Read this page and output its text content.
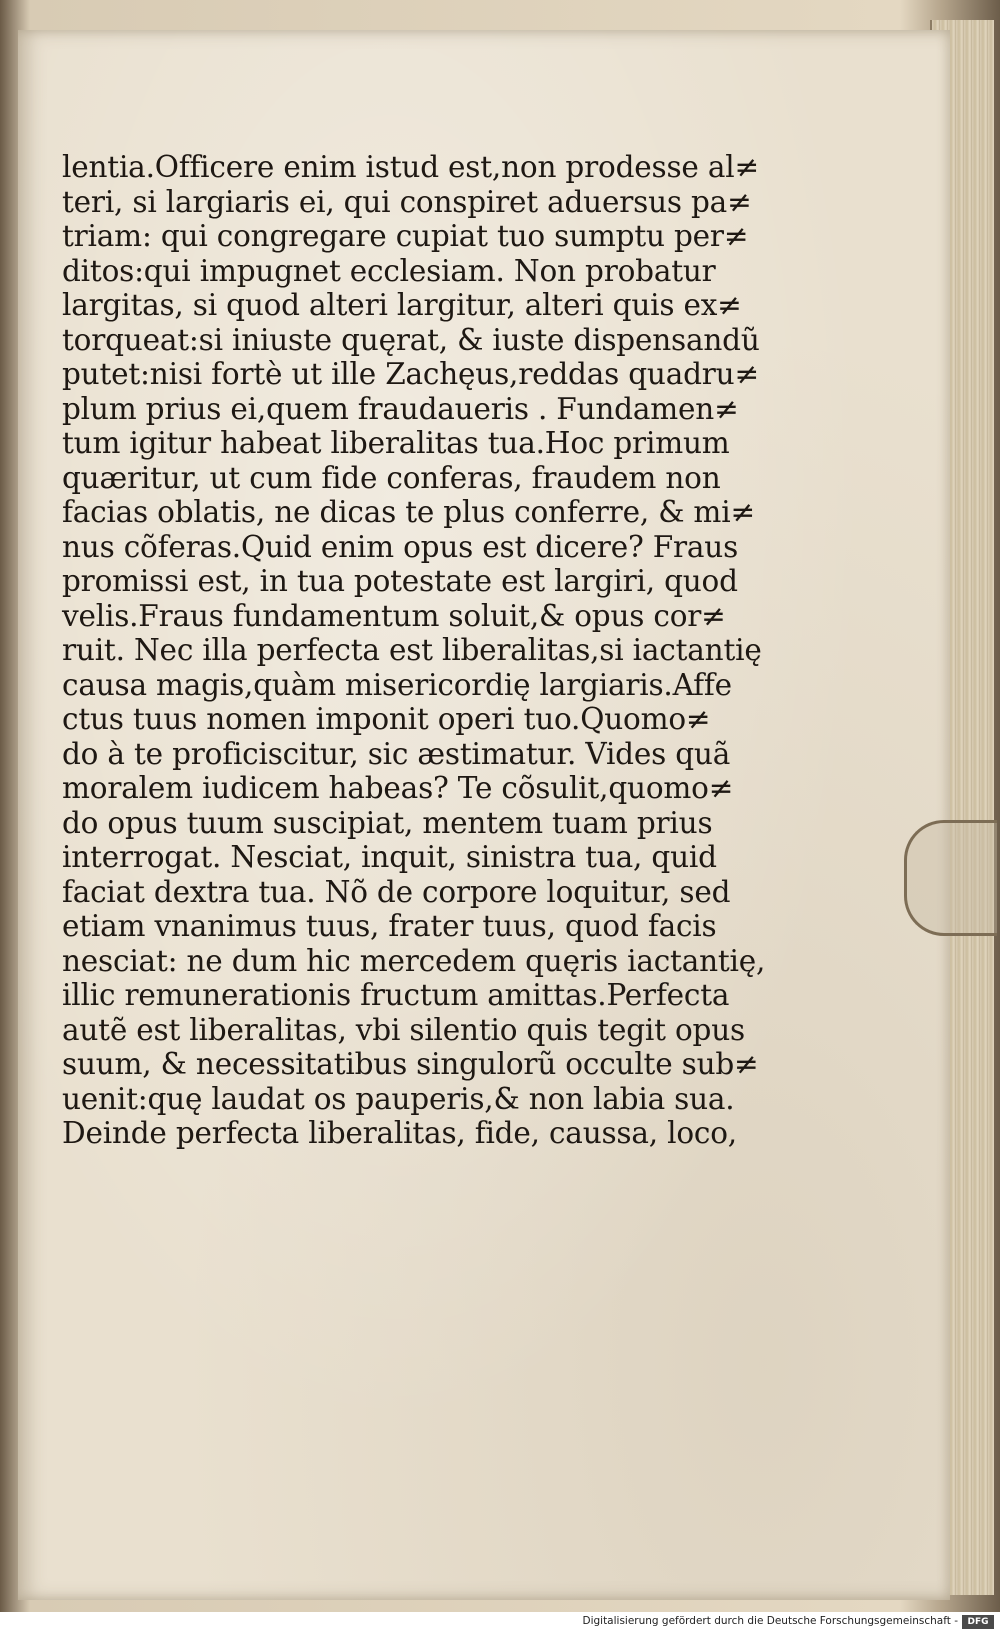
lentia.Officere enim istud est,non prodesse al≠
teri, si largiaris ei, qui conspiret aduersus pa≠
triam: qui congregare cupiat tuo sumptu per≠
ditos:qui impugnet ecclesiam. Non probatur
largitas, si quod alteri largitur, alteri quis ex≠
torqueat:si iniuste quęrat, & iuste dispensandũ
putet:nisi fortè ut ille Zachęus,reddas quadru≠
plum prius ei,quem fraudaueris . Fundamen≠
tum igitur habeat liberalitas tua.Hoc primum
quæritur, ut cum fide conferas, fraudem non
facias oblatis, ne dicas te plus conferre, & mi≠
nus cõferas.Quid enim opus est dicere? Fraus
promissi est, in tua potestate est largiri, quod
velis.Fraus fundamentum soluit,& opus cor≠
ruit. Nec illa perfecta est liberalitas,si iactantię
causa magis,quàm misericordię largiaris.Affe
ctus tuus nomen imponit operi tuo.Quomo≠
do à te proficiscitur, sic æstimatur. Vides quã
moralem iudicem habeas? Te cõsulit,quomo≠
do opus tuum suscipiat, mentem tuam prius
interrogat. Nesciat, inquit, sinistra tua, quid
faciat dextra tua. Nõ de corpore loquitur, sed
etiam vnanimus tuus, frater tuus, quod facis
nesciat: ne dum hic mercedem quęris iactantię,
illic remunerationis fructum amittas.Perfecta
autẽ est liberalitas, vbi silentio quis tegit opus
suum, & necessitatibus singulorũ occulte sub≠
uenit:quę laudat os pauperis,& non labia sua.
Deinde perfecta liberalitas, fide, caussa, loco,
Digitalisierung gefördert durch die Deutsche Forschungsgemeinschaft -	DFG
